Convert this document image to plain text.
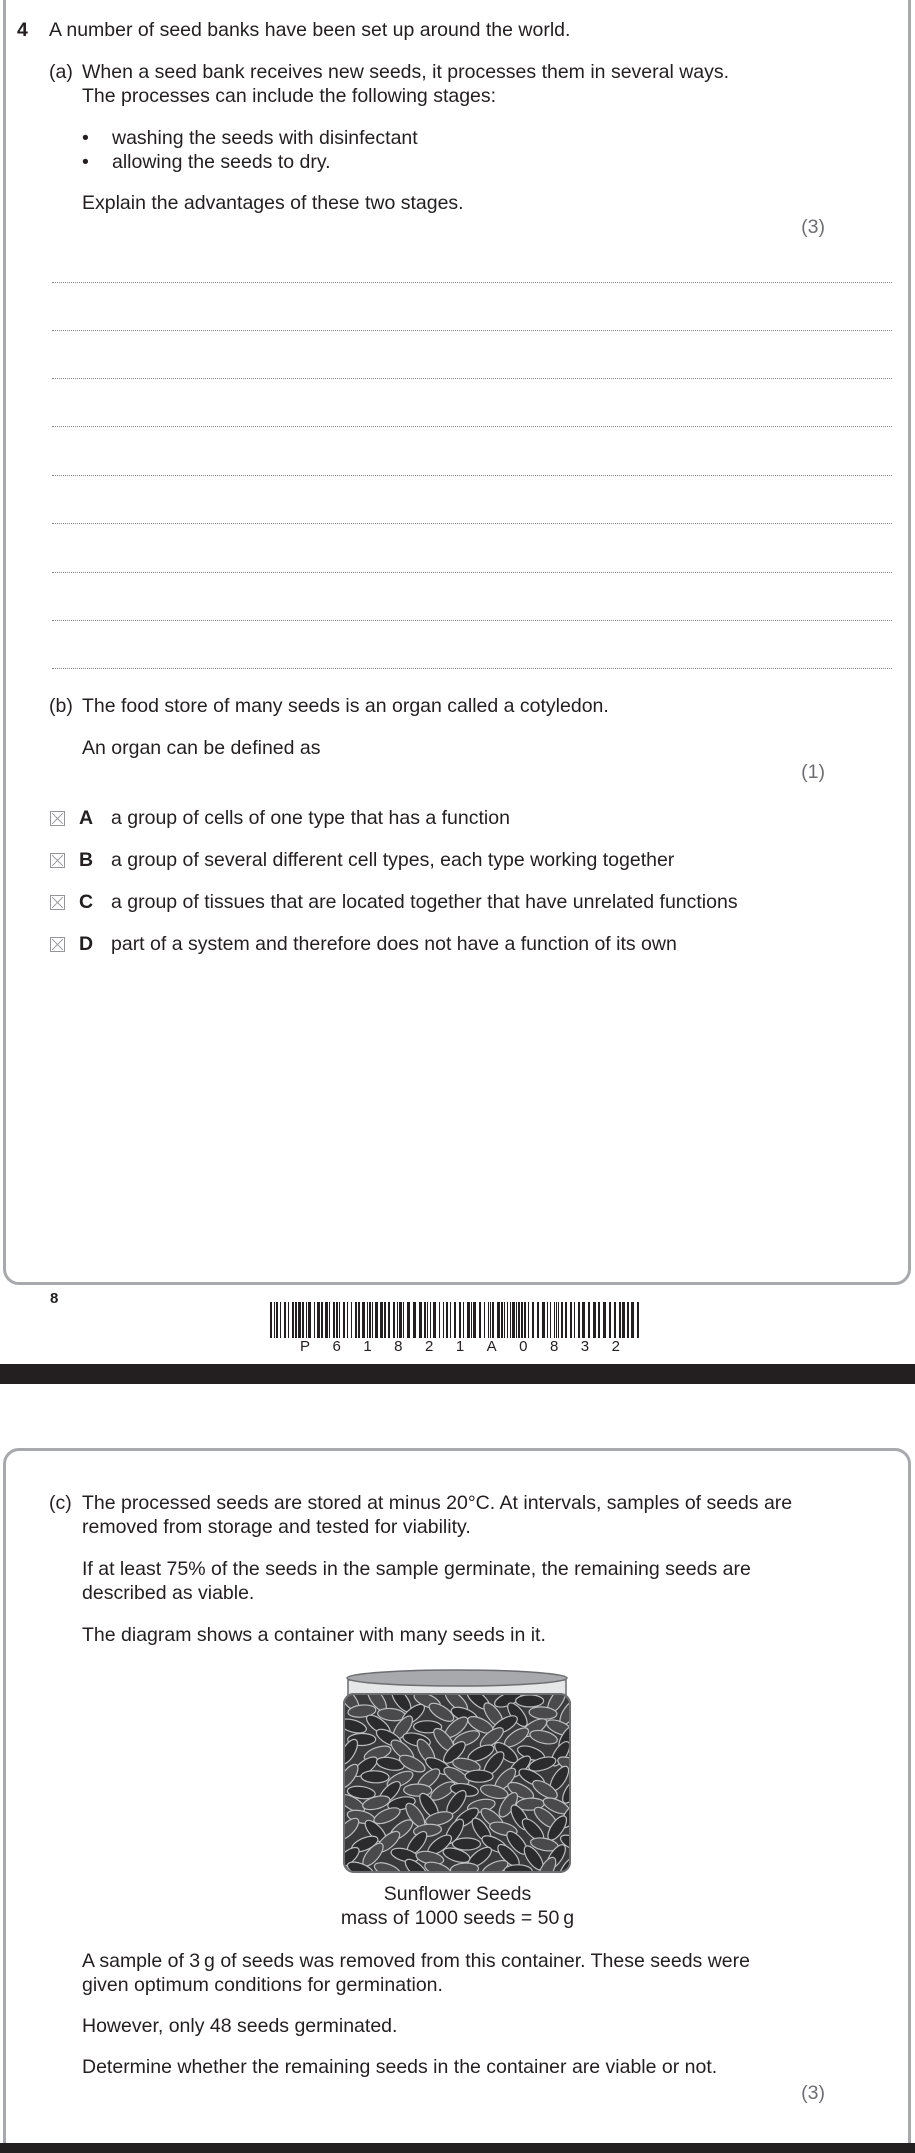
4 A number of seed banks have been set up around the world.
(a) When a seed bank receives new seeds, it processes them in several ways.
The processes can include the following stages:
• washing the seeds with disinfectant
• allowing the seeds to dry.
Explain the advantages of these two stages.
(3)
(b) The food store of many seeds is an organ called a cotyledon.
An organ can be defined as
(1)
A a group of cells of one type that has a function
B a group of several different cell types, each type working together
C a group of tissues that are located together that have unrelated functions
D part of a system and therefore does not have a function of its own
8
P 6 1 8 2 1 A 0 8 3 2
(c) The processed seeds are stored at minus 20°C. At intervals, samples of seeds are
removed from storage and tested for viability.
If at least 75% of the seeds in the sample germinate, the remaining seeds are
described as viable.
The diagram shows a container with many seeds in it.
Sunflower Seeds
mass of 1000 seeds = 50 g
A sample of 3 g of seeds was removed from this container. These seeds were
given optimum conditions for germination.
However, only 48 seeds germinated.
Determine whether the remaining seeds in the container are viable or not.
(3)
